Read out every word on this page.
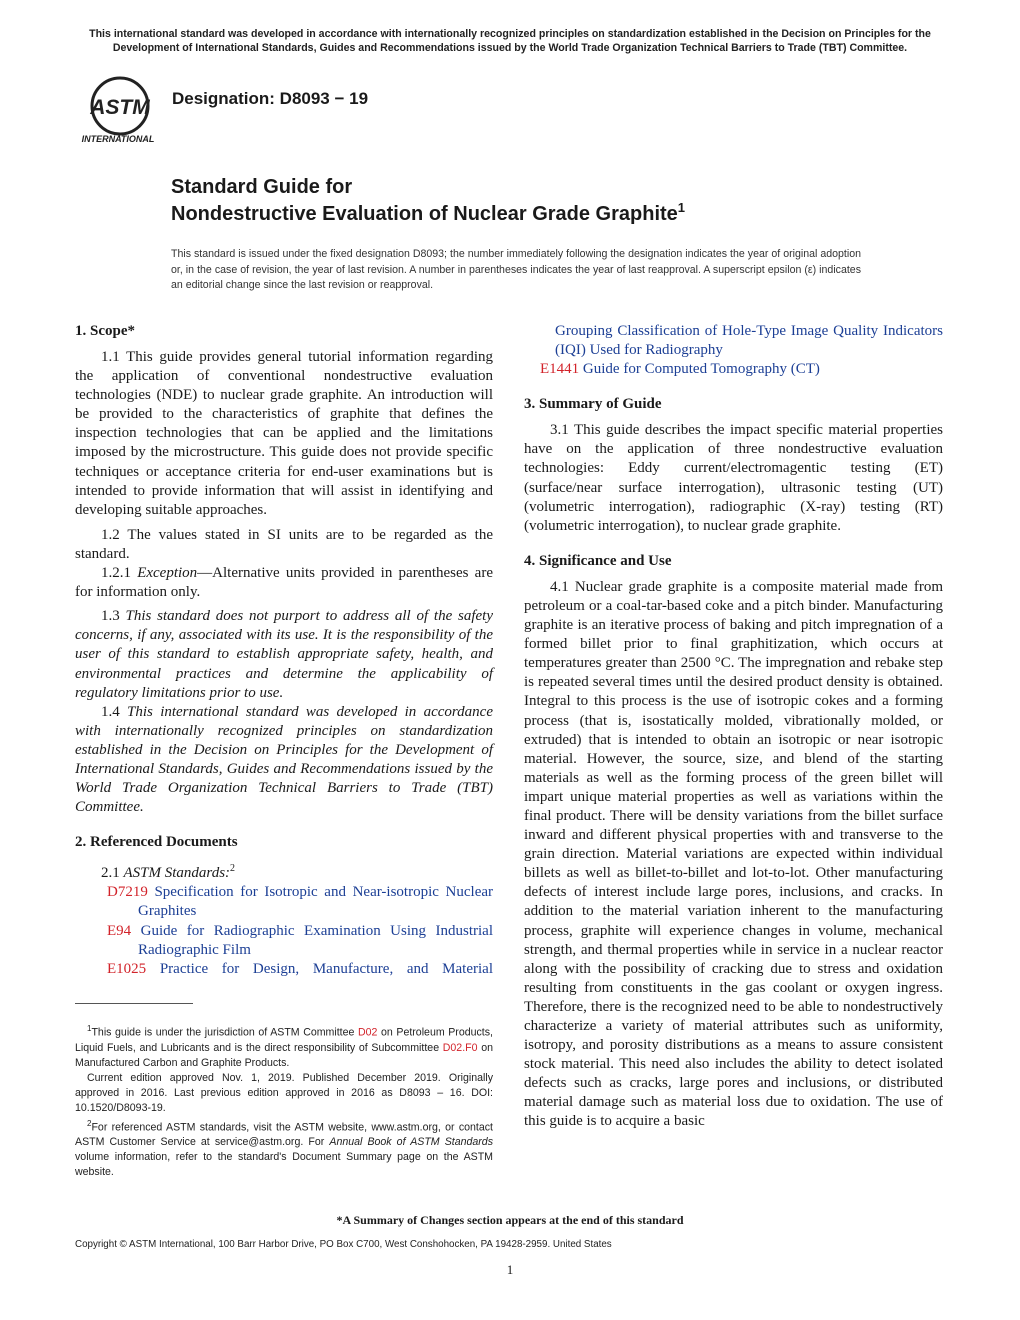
This international standard was developed in accordance with internationally recognized principles on standardization established in the Decision on Principles for the Development of International Standards, Guides and Recommendations issued by the World Trade Organization Technical Barriers to Trade (TBT) Committee.
ASTM
INTERNATIONAL
Designation: D8093 − 19
Standard Guide for
Nondestructive Evaluation of Nuclear Grade Graphite$^1$
This standard is issued under the fixed designation D8093; the number immediately following the designation indicates the year of original adoption or, in the case of revision, the year of last revision. A number in parentheses indicates the year of last reapproval. A superscript epsilon (ε) indicates an editorial change since the last revision or reapproval.
1. Scope*

1.1 This guide provides general tutorial information regarding the application of conventional nondestructive evaluation technologies (NDE) to nuclear grade graphite. An introduction will be provided to the characteristics of graphite that defines the inspection technologies that can be applied and the limitations imposed by the microstructure. This guide does not provide specific techniques or acceptance criteria for end-user examinations but is intended to provide information that will assist in identifying and developing suitable approaches.

1.2 The values stated in SI units are to be regarded as the standard.

1.2.1 Exception—Alternative units provided in parentheses are for information only.

1.3 This standard does not purport to address all of the safety concerns, if any, associated with its use. It is the responsibility of the user of this standard to establish appropriate safety, health, and environmental practices and determine the applicability of regulatory limitations prior to use.

1.4 This international standard was developed in accordance with internationally recognized principles on standardization established in the Decision on Principles for the Development of International Standards, Guides and Recommendations issued by the World Trade Organization Technical Barriers to Trade (TBT) Committee.

2. Referenced Documents

2.1 ASTM Standards:$^2$

D7219 Specification for Isotropic and Near-isotropic Nuclear Graphites

E94 Guide for Radiographic Examination Using Industrial Radiographic Film

E1025 Practice for Design, Manufacture, and Material

$^1$This guide is under the jurisdiction of ASTM Committee D02 on Petroleum Products, Liquid Fuels, and Lubricants and is the direct responsibility of Subcommittee D02.F0 on Manufactured Carbon and Graphite Products.

Current edition approved Nov. 1, 2019. Published December 2019. Originally approved in 2016. Last previous edition approved in 2016 as D8093 – 16. DOI: 10.1520/D8093-19.

$^2$For referenced ASTM standards, visit the ASTM website, www.astm.org, or contact ASTM Customer Service at service@astm.org. For Annual Book of ASTM Standards volume information, refer to the standard's Document Summary page on the ASTM website.

Grouping Classification of Hole-Type Image Quality Indicators (IQI) Used for Radiography

E1441 Guide for Computed Tomography (CT)

3. Summary of Guide

3.1 This guide describes the impact specific material properties have on the application of three nondestructive evaluation technologies: Eddy current/electromagentic testing (ET) (surface/near surface interrogation), ultrasonic testing (UT) (volumetric interrogation), radiographic (X-ray) testing (RT) (volumetric interrogation), to nuclear grade graphite.

4. Significance and Use

4.1 Nuclear grade graphite is a composite material made from petroleum or a coal-tar-based coke and a pitch binder. Manufacturing graphite is an iterative process of baking and pitch impregnation of a formed billet prior to final graphitization, which occurs at temperatures greater than 2500 °C. The impregnation and rebake step is repeated several times until the desired product density is obtained. Integral to this process is the use of isotropic cokes and a forming process (that is, isostatically molded, vibrationally molded, or extruded) that is intended to obtain an isotropic or near isotropic material. However, the source, size, and blend of the starting materials as well as the forming process of the green billet will impart unique material properties as well as variations within the final product. There will be density variations from the billet surface inward and different physical properties with and transverse to the grain direction. Material variations are expected within individual billets as well as billet-to-billet and lot-to-lot. Other manufacturing defects of interest include large pores, inclusions, and cracks. In addition to the material variation inherent to the manufacturing process, graphite will experience changes in volume, mechanical strength, and thermal properties while in service in a nuclear reactor along with the possibility of cracking due to stress and oxidation resulting from constituents in the gas coolant or oxygen ingress. Therefore, there is the recognized need to be able to nondestructively characterize a variety of material attributes such as uniformity, isotropy, and porosity distributions as a means to assure consistent stock material. This need also includes the ability to detect isolated defects such as cracks, large pores and inclusions, or distributed material damage such as material loss due to oxidation. The use of this guide is to acquire a basic

*A Summary of Changes section appears at the end of this standard
Copyright © ASTM International, 100 Barr Harbor Drive, PO Box C700, West Conshohocken, PA 19428-2959. United States
1
